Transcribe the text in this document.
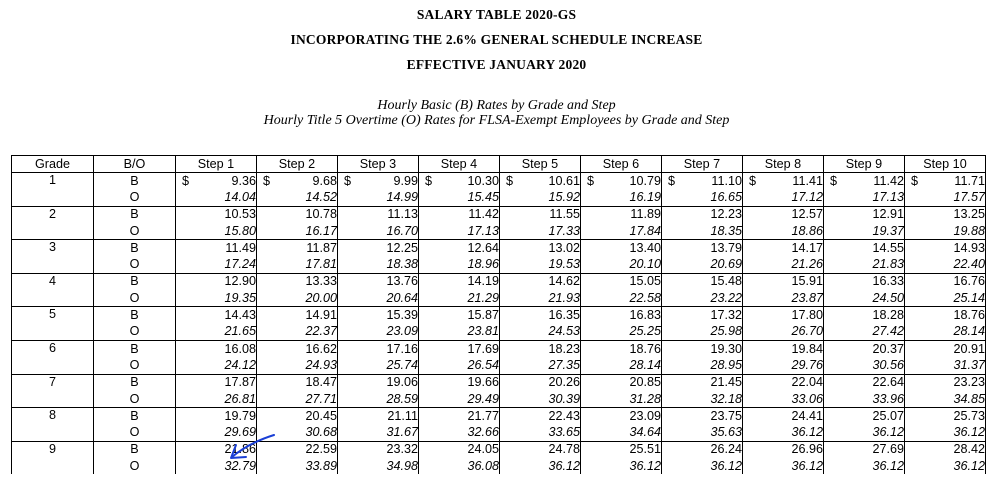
SALARY TABLE 2020-GS
INCORPORATING THE 2.6% GENERAL SCHEDULE INCREASE
EFFECTIVE JANUARY 2020
Hourly Basic (B) Rates by Grade and Step
Hourly Title 5 Overtime (O) Rates for FLSA-Exempt Employees by Grade and Step
Grade	B/O	Step 1	Step 2	Step 3	Step 4	Step 5	Step 6	Step 7	Step 8	Step 9	Step 10
1	B	$ 9.36	$ 9.68	$ 9.99	$ 10.30	$ 10.61	$ 10.79	$ 11.10	$ 11.41	$ 11.42	$ 11.71
	O	14.04	14.52	14.99	15.45	15.92	16.19	16.65	17.12	17.13	17.57
2	B	10.53	10.78	11.13	11.42	11.55	11.89	12.23	12.57	12.91	13.25
	O	15.80	16.17	16.70	17.13	17.33	17.84	18.35	18.86	19.37	19.88
3	B	11.49	11.87	12.25	12.64	13.02	13.40	13.79	14.17	14.55	14.93
	O	17.24	17.81	18.38	18.96	19.53	20.10	20.69	21.26	21.83	22.40
4	B	12.90	13.33	13.76	14.19	14.62	15.05	15.48	15.91	16.33	16.76
	O	19.35	20.00	20.64	21.29	21.93	22.58	23.22	23.87	24.50	25.14
5	B	14.43	14.91	15.39	15.87	16.35	16.83	17.32	17.80	18.28	18.76
	O	21.65	22.37	23.09	23.81	24.53	25.25	25.98	26.70	27.42	28.14
6	B	16.08	16.62	17.16	17.69	18.23	18.76	19.30	19.84	20.37	20.91
	O	24.12	24.93	25.74	26.54	27.35	28.14	28.95	29.76	30.56	31.37
7	B	17.87	18.47	19.06	19.66	20.26	20.85	21.45	22.04	22.64	23.23
	O	26.81	27.71	28.59	29.49	30.39	31.28	32.18	33.06	33.96	34.85
8	B	19.79	20.45	21.11	21.77	22.43	23.09	23.75	24.41	25.07	25.73
	O	29.69	30.68	31.67	32.66	33.65	34.64	35.63	36.12	36.12	36.12
9	B	21.86	22.59	23.32	24.05	24.78	25.51	26.24	26.96	27.69	28.42
	O	32.79	33.89	34.98	36.08	36.12	36.12	36.12	36.12	36.12	36.12
